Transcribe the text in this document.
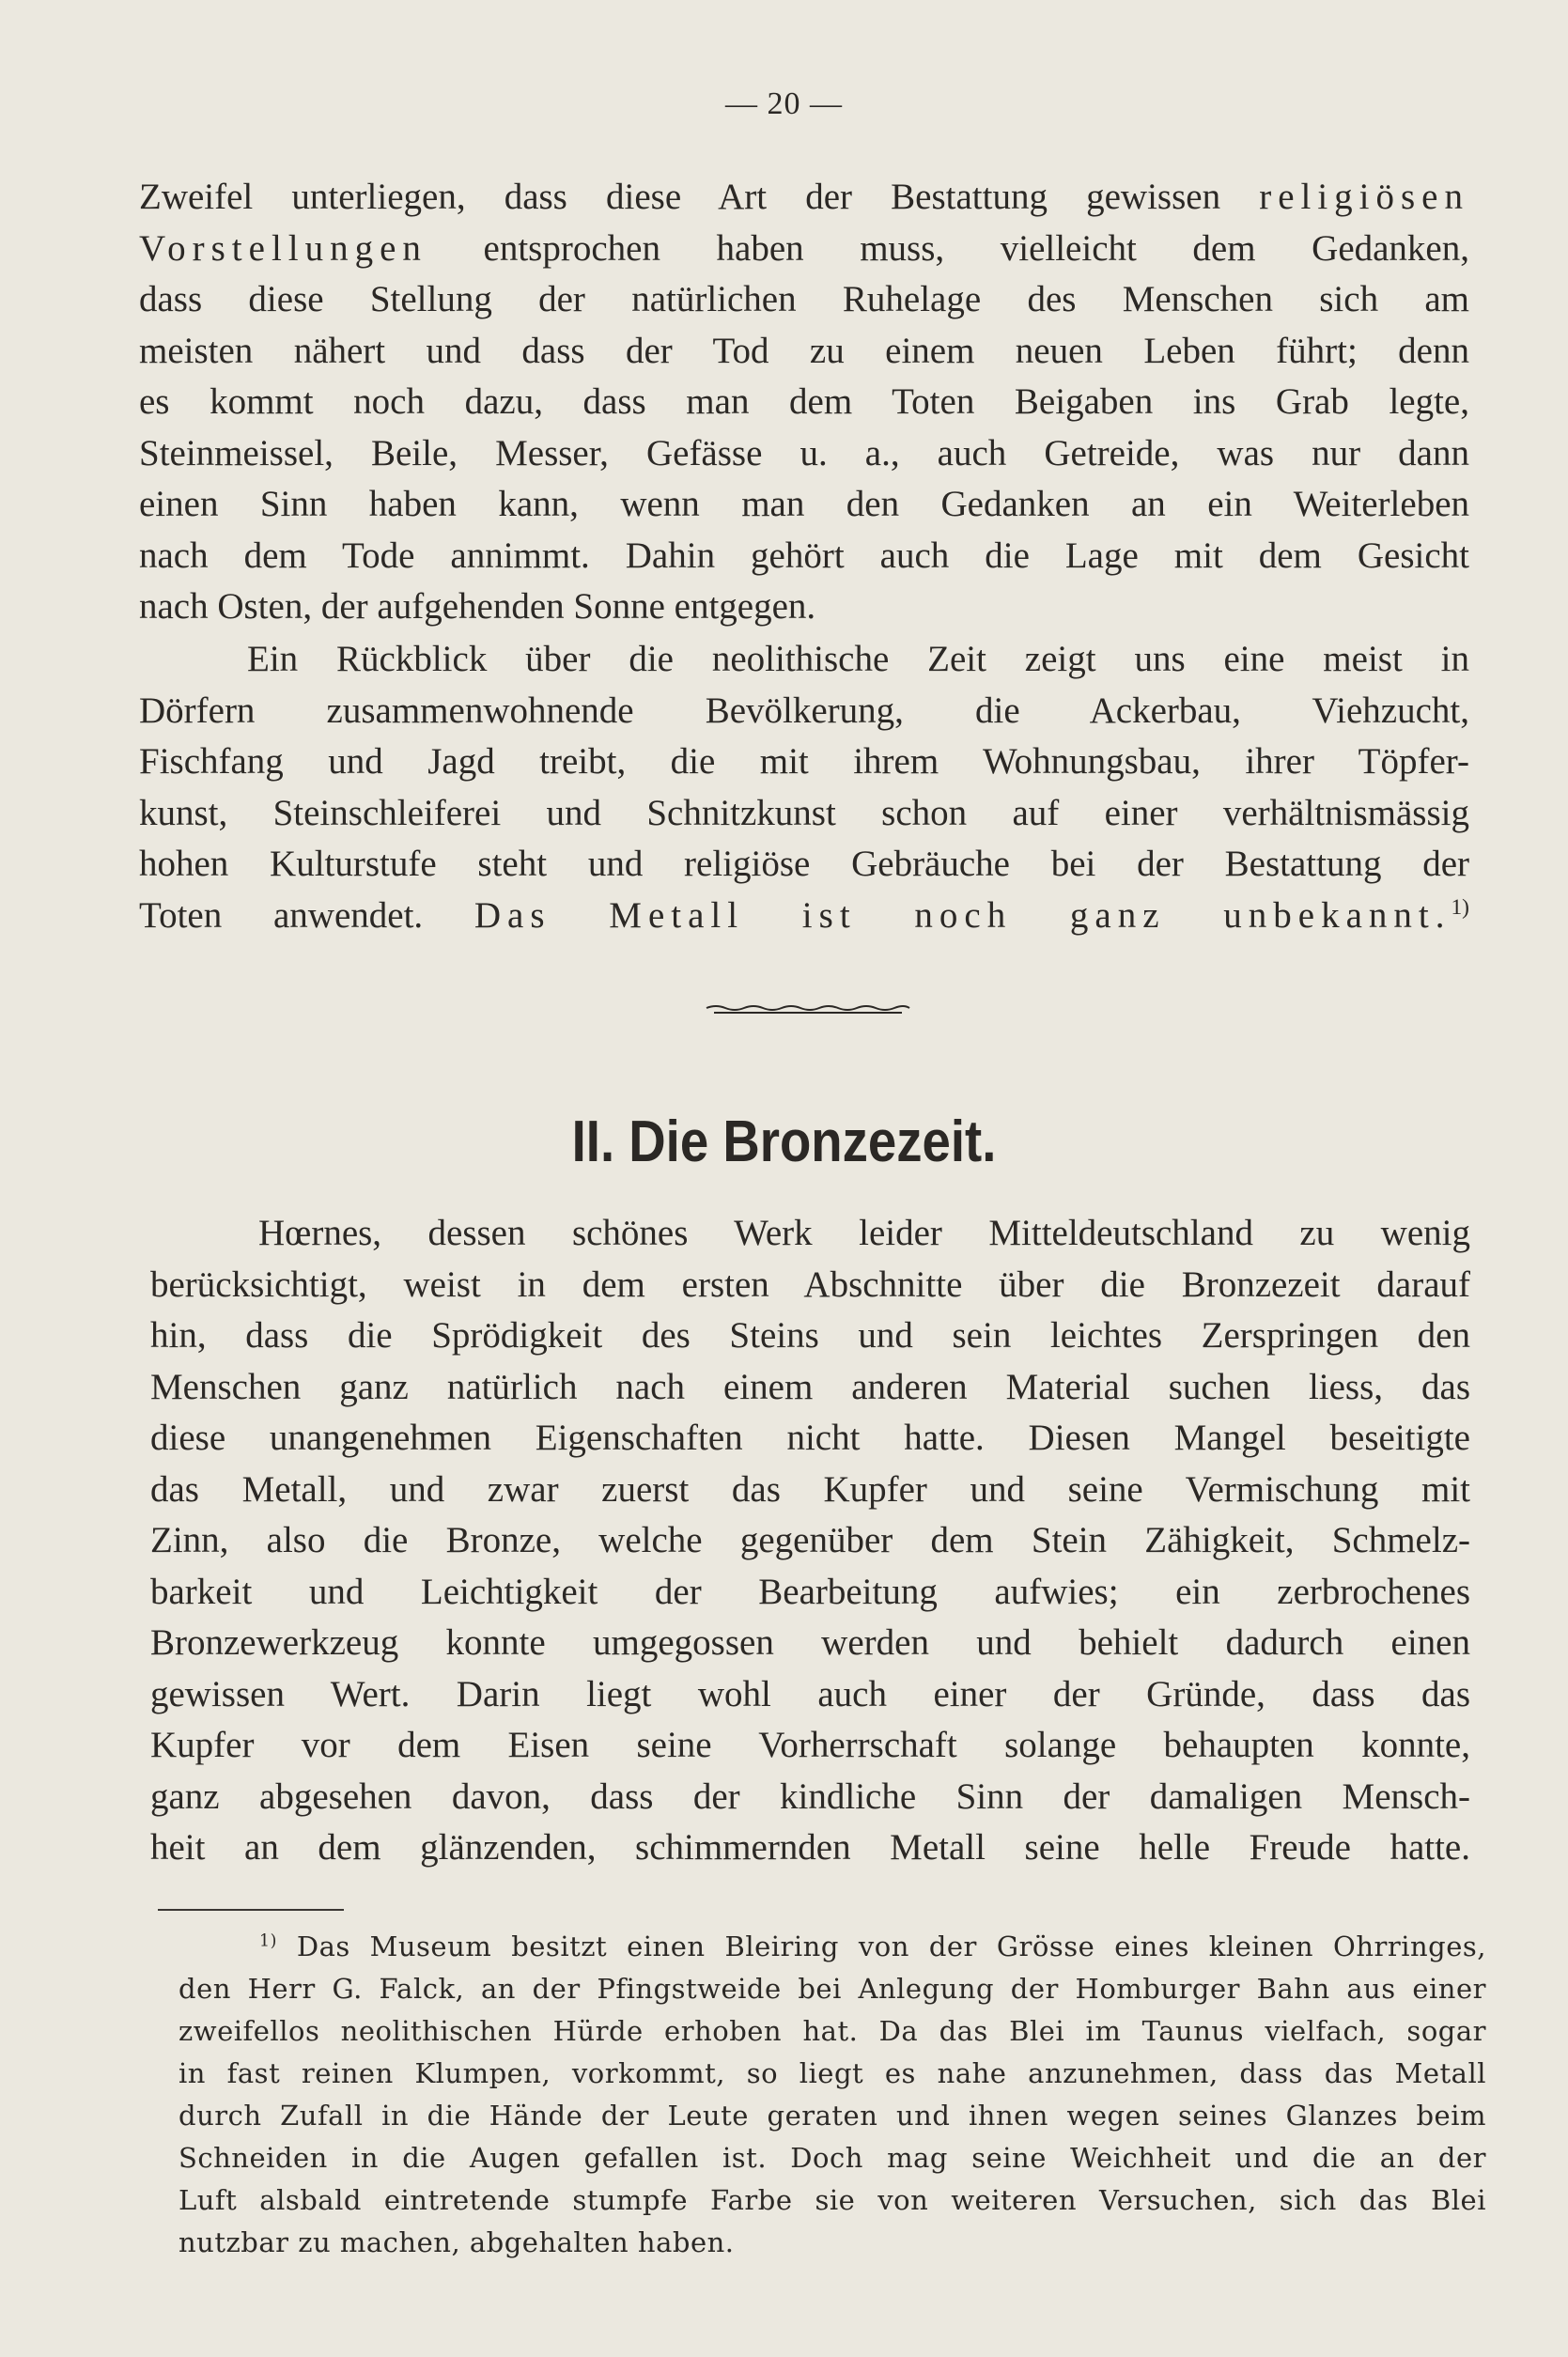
— 20 —
Zweifel unterliegen, dass diese Art der Bestattung gewissen religiösen
Vorstellungen entsprochen haben muss, vielleicht dem Gedanken,
dass diese Stellung der natürlichen Ruhelage des Menschen sich am
meisten nähert und dass der Tod zu einem neuen Leben führt; denn
es kommt noch dazu, dass man dem Toten Beigaben ins Grab legte,
Steinmeissel, Beile, Messer, Gefässe u. a., auch Getreide, was nur dann
einen Sinn haben kann, wenn man den Gedanken an ein Weiterleben
nach dem Tode annimmt. Dahin gehört auch die Lage mit dem Gesicht
nach Osten, der aufgehenden Sonne entgegen.
Ein Rückblick über die neolithische Zeit zeigt uns eine meist in
Dörfern zusammenwohnende Bevölkerung, die Ackerbau, Viehzucht,
Fischfang und Jagd treibt, die mit ihrem Wohnungsbau, ihrer Töpfer-
kunst, Steinschleiferei und Schnitzkunst schon auf einer verhältnismässig
hohen Kulturstufe steht und religiöse Gebräuche bei der Bestattung der
Toten anwendet. Das Metall ist noch ganz unbekannt.$^{1)}$
II. Die Bronzezeit.
Hœrnes, dessen schönes Werk leider Mitteldeutschland zu wenig
berücksichtigt, weist in dem ersten Abschnitte über die Bronzezeit darauf
hin, dass die Sprödigkeit des Steins und sein leichtes Zerspringen den
Menschen ganz natürlich nach einem anderen Material suchen liess, das
diese unangenehmen Eigenschaften nicht hatte. Diesen Mangel beseitigte
das Metall, und zwar zuerst das Kupfer und seine Vermischung mit
Zinn, also die Bronze, welche gegenüber dem Stein Zähigkeit, Schmelz-
barkeit und Leichtigkeit der Bearbeitung aufwies; ein zerbrochenes
Bronzewerkzeug konnte umgegossen werden und behielt dadurch einen
gewissen Wert. Darin liegt wohl auch einer der Gründe, dass das
Kupfer vor dem Eisen seine Vorherrschaft solange behaupten konnte,
ganz abgesehen davon, dass der kindliche Sinn der damaligen Mensch-
heit an dem glänzenden, schimmernden Metall seine helle Freude hatte.
$^{1)}$ Das Museum besitzt einen Bleiring von der Grösse eines kleinen Ohrringes,
den Herr G. Falck, an der Pfingstweide bei Anlegung der Homburger Bahn aus einer
zweifellos neolithischen Hürde erhoben hat. Da das Blei im Taunus vielfach, sogar
in fast reinen Klumpen, vorkommt, so liegt es nahe anzunehmen, dass das Metall
durch Zufall in die Hände der Leute geraten und ihnen wegen seines Glanzes beim
Schneiden in die Augen gefallen ist. Doch mag seine Weichheit und die an der
Luft alsbald eintretende stumpfe Farbe sie von weiteren Versuchen, sich das Blei
nutzbar zu machen, abgehalten haben.
